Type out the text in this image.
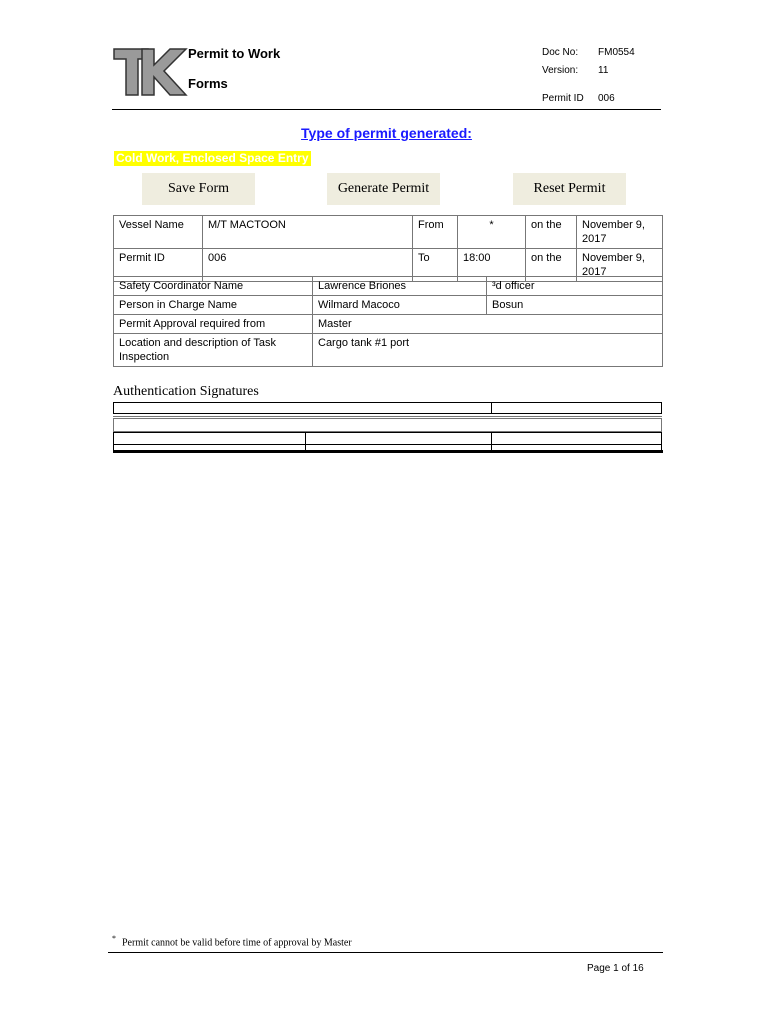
Permit to Work
Forms
Doc No: FM0554
Version: 11
Permit ID 006
Type of permit generated:
Cold Work, Enclosed Space Entry
Save Form	Generate Permit	Reset Permit
Vessel Name	M/T MACTOON	From	*	on the	November 9, 2017
Permit ID	006	To	18:00	on the	November 9, 2017
Safety Coordinator Name	Lawrence Briones	³d officer
Person in Charge Name	Wilmard Macoco	Bosun
Permit Approval required from	Master	
Location and description of Task Inspection	Cargo tank #1 port	
Authentication Signatures
* Permit cannot be valid before time of approval by Master
Page 1 of 16
